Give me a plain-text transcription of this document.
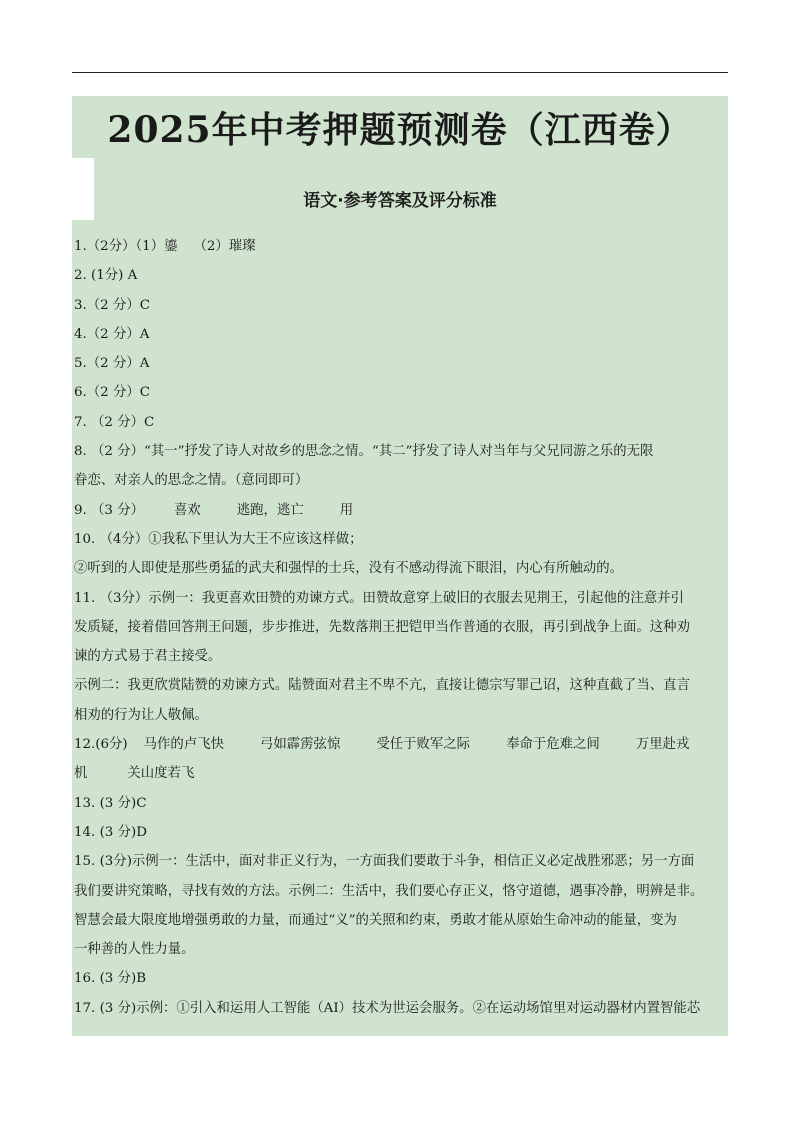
2025年中考押题预测卷（江西卷）
语文·参考答案及评分标准
1.（2分）（1）鎏 （2）璀璨
2. (1分) A
3.（2 分）C
4.（2 分）A
5.（2 分）A
6.（2 分）C
7. （2 分）C
8. （2 分）“其一”抒发了诗人对故乡的思念之情。“其二”抒发了诗人对当年与父兄同游之乐的无限
眷恋、对亲人的思念之情。（意同即可）
9. （3 分） 喜欢	逃跑，逃亡	用
10. （4分）①我私下里认为大王不应该这样做；
②听到的人即使是那些勇猛的武夫和强悍的士兵，没有不感动得流下眼泪，内心有所触动的。
11. （3分）示例一：我更喜欢田赞的劝谏方式。田赞故意穿上破旧的衣服去见荆王，引起他的注意并引
发质疑，接着借回答荆王问题，步步推进，先数落荆王把铠甲当作普通的衣服，再引到战争上面。这种劝
谏的方式易于君主接受。
示例二：我更欣赏陆赞的劝谏方式。陆赞面对君主不卑不亢，直接让德宗写罪己诏，这种直截了当、直言
相劝的行为让人敬佩。
12.(6分) 马作的卢飞快	弓如霹雳弦惊	受任于败军之际	奉命于危难之间	万里赴戎
机	关山度若飞
13. (3 分)C
14. (3 分)D
15. (3分)示例一：生活中，面对非正义行为，一方面我们要敢于斗争，相信正义必定战胜邪恶；另一方面
我们要讲究策略，寻找有效的方法。示例二：生活中，我们要心存正义，恪守道德，遇事冷静，明辨是非。
智慧会最大限度地增强勇敢的力量，而通过“义”的关照和约束，勇敢才能从原始生命冲动的能量，变为
一种善的人性力量。
16. (3 分)B
17. (3 分)示例：①引入和运用人工智能（AI）技术为世运会服务。②在运动场馆里对运动器材内置智能芯
